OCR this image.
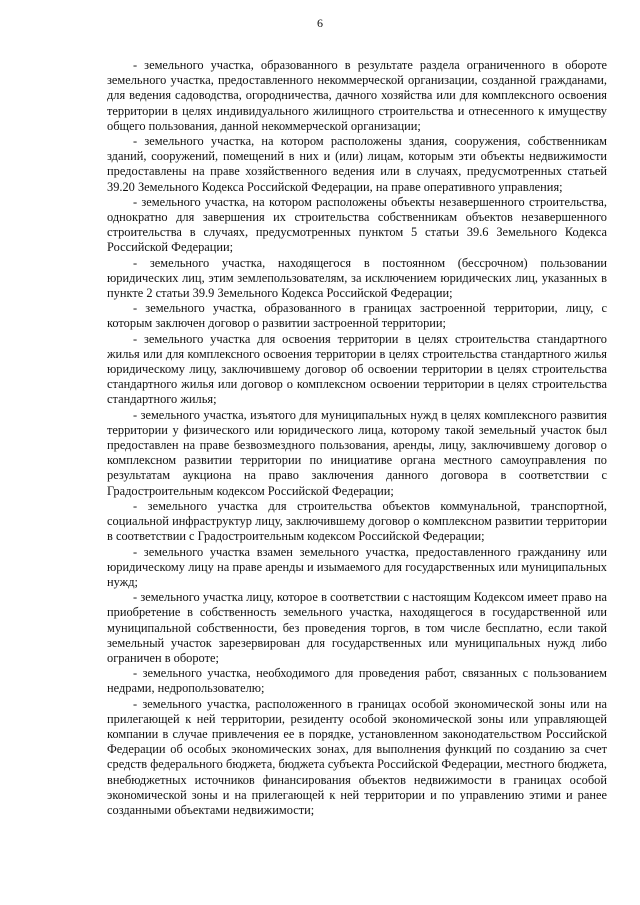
6

- земельного участка, образованного в результате раздела ограниченного в обороте земельного участка, предоставленного некоммерческой организации, созданной гражданами, для ведения садоводства, огородничества, дачного хозяйства или для комплексного освоения территории в целях индивидуального жилищного строительства и отнесенного к имуществу общего пользования, данной некоммерческой организации;

- земельного участка, на котором расположены здания, сооружения, собственникам зданий, сооружений, помещений в них и (или) лицам, которым эти объекты недвижимости предоставлены на праве хозяйственного ведения или в случаях, предусмотренных статьей 39.20 Земельного Кодекса Российской Федерации, на праве оперативного управления;

- земельного участка, на котором расположены объекты незавершенного строительства, однократно для завершения их строительства собственникам объектов незавершенного строительства в случаях, предусмотренных пунктом 5 статьи 39.6 Земельного Кодекса Российской Федерации;

- земельного участка, находящегося в постоянном (бессрочном) пользовании юридических лиц, этим землепользователям, за исключением юридических лиц, указанных в пункте 2 статьи 39.9 Земельного Кодекса Российской Федерации;

- земельного участка, образованного в границах застроенной территории, лицу, с которым заключен договор о развитии застроенной территории;

- земельного участка для освоения территории в целях строительства стандартного жилья или для комплексного освоения территории в целях строительства стандартного жилья юридическому лицу, заключившему договор об освоении территории в целях строительства стандартного жилья или договор о комплексном освоении территории в целях строительства стандартного жилья;

- земельного участка, изъятого для муниципальных нужд в целях комплексного развития территории у физического или юридического лица, которому такой земельный участок был предоставлен на праве безвозмездного пользования, аренды, лицу, заключившему договор о комплексном развитии территории по инициативе органа местного самоуправления по результатам аукциона на право заключения данного договора в соответствии с Градостроительным кодексом Российской Федерации;

- земельного участка для строительства объектов коммунальной, транспортной, социальной инфраструктур лицу, заключившему договор о комплексном развитии территории в соответствии с Градостроительным кодексом Российской Федерации;

- земельного участка взамен земельного участка, предоставленного гражданину или юридическому лицу на праве аренды и изымаемого для государственных или муниципальных нужд;

- земельного участка лицу, которое в соответствии с настоящим Кодексом имеет право на приобретение в собственность земельного участка, находящегося в государственной или муниципальной собственности, без проведения торгов, в том числе бесплатно, если такой земельный участок зарезервирован для государственных или муниципальных нужд либо ограничен в обороте;

- земельного участка, необходимого для проведения работ, связанных с пользованием недрами, недропользователю;

- земельного участка, расположенного в границах особой экономической зоны или на прилегающей к ней территории, резиденту особой экономической зоны или управляющей компании в случае привлечения ее в порядке, установленном законодательством Российской Федерации об особых экономических зонах, для выполнения функций по созданию за счет средств федерального бюджета, бюджета субъекта Российской Федерации, местного бюджета, внебюджетных источников финансирования объектов недвижимости в границах особой экономической зоны и на прилегающей к ней территории и по управлению этими и ранее созданными объектами недвижимости;
